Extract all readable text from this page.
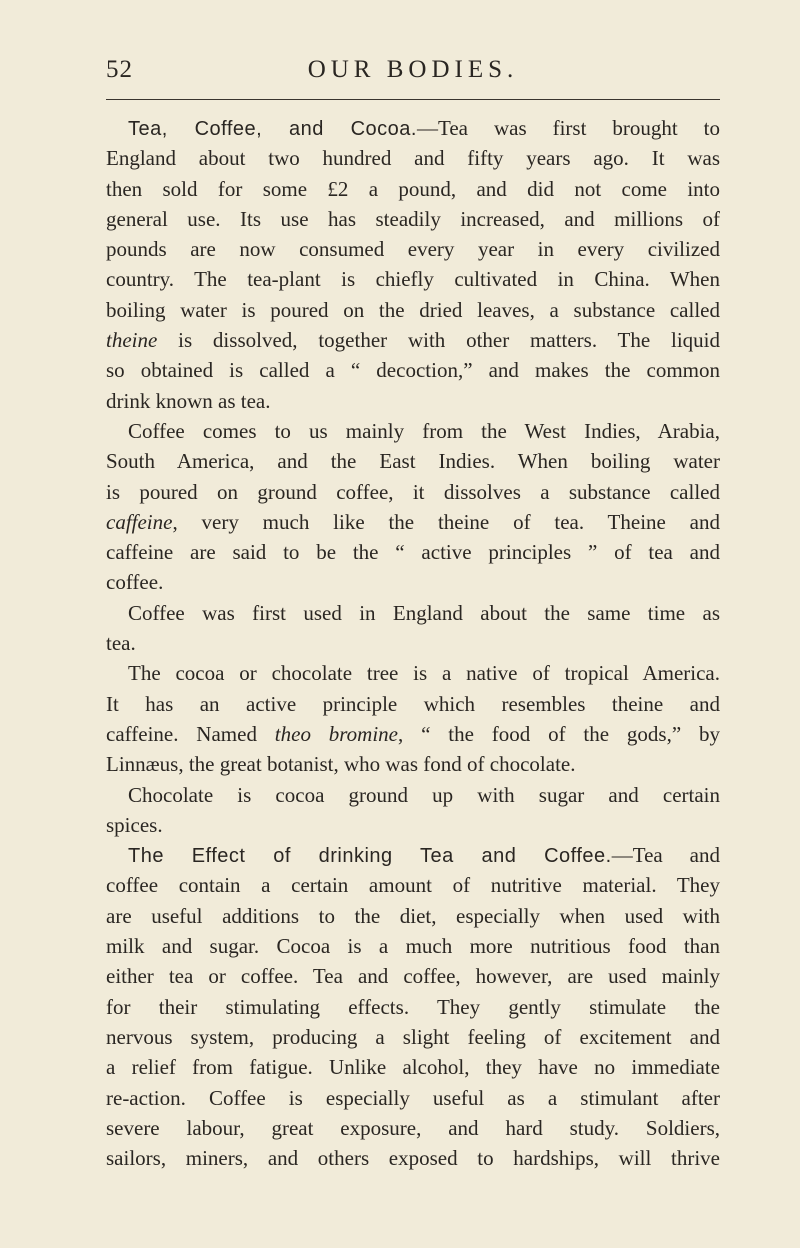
52	OUR BODIES.
Tea, Coffee, and Cocoa.—Tea was first brought to
England about two hundred and fifty years ago. It was
then sold for some £2 a pound, and did not come into
general use. Its use has steadily increased, and millions of
pounds are now consumed every year in every civilized
country. The tea-plant is chiefly cultivated in China. When
boiling water is poured on the dried leaves, a substance called
theine is dissolved, together with other matters. The liquid
so obtained is called a “ decoction,” and makes the common
drink known as tea.
Coffee comes to us mainly from the West Indies, Arabia,
South America, and the East Indies. When boiling water
is poured on ground coffee, it dissolves a substance called
caffeine, very much like the theine of tea. Theine and
caffeine are said to be the “ active principles ” of tea and
coffee.
Coffee was first used in England about the same time as
tea.
The cocoa or chocolate tree is a native of tropical America.
It has an active principle which resembles theine and
caffeine. Named theo bromine, “ the food of the gods,” by
Linnæus, the great botanist, who was fond of chocolate.
Chocolate is cocoa ground up with sugar and certain
spices.
The Effect of drinking Tea and Coffee.—Tea and
coffee contain a certain amount of nutritive material. They
are useful additions to the diet, especially when used with
milk and sugar. Cocoa is a much more nutritious food than
either tea or coffee. Tea and coffee, however, are used mainly
for their stimulating effects. They gently stimulate the
nervous system, producing a slight feeling of excitement and
a relief from fatigue. Unlike alcohol, they have no immediate
re-action. Coffee is especially useful as a stimulant after
severe labour, great exposure, and hard study. Soldiers,
sailors, miners, and others exposed to hardships, will thrive
